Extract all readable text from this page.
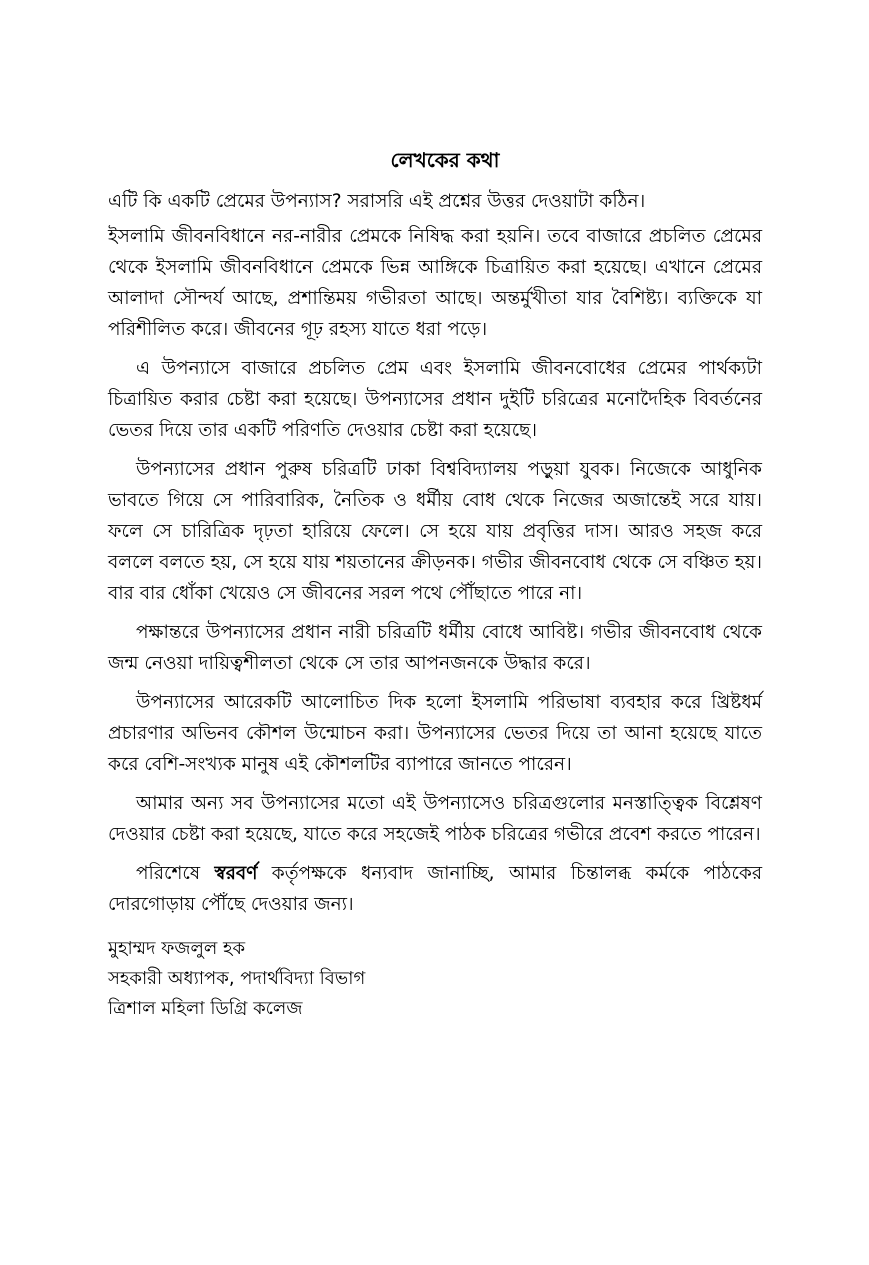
লেখকের কথা

এটি কি একটি প্রেমের উপন্যাস? সরাসরি এই প্রশ্নের উত্তর দেওয়াটা কঠিন।

ইসলামি জীবনবিধানে নর-নারীর প্রেমকে নিষিদ্ধ করা হয়নি। তবে বাজারে প্রচলিত প্রেমের থেকে ইসলামি জীবনবিধানে প্রেমকে ভিন্ন আঙ্গিকে চিত্রায়িত করা হয়েছে। এখানে প্রেমের আলাদা সৌন্দর্য আছে, প্রশান্তিময় গভীরতা আছে। অন্তর্মুখীতা যার বৈশিষ্ট্য। ব্যক্তিকে যা পরিশীলিত করে। জীবনের গূঢ় রহস্য যাতে ধরা পড়ে।

এ উপন্যাসে বাজারে প্রচলিত প্রেম এবং ইসলামি জীবনবোধের প্রেমের পার্থক্যটা চিত্রায়িত করার চেষ্টা করা হয়েছে। উপন্যাসের প্রধান দুইটি চরিত্রের মনোদৈহিক বিবর্তনের ভেতর দিয়ে তার একটি পরিণতি দেওয়ার চেষ্টা করা হয়েছে।

উপন্যাসের প্রধান পুরুষ চরিত্রটি ঢাকা বিশ্ববিদ্যালয় পড়ুয়া যুবক। নিজেকে আধুনিক ভাবতে গিয়ে সে পারিবারিক, নৈতিক ও ধর্মীয় বোধ থেকে নিজের অজান্তেই সরে যায়। ফলে সে চারিত্রিক দৃঢ়তা হারিয়ে ফেলে। সে হয়ে যায় প্রবৃত্তির দাস। আরও সহজ করে বললে বলতে হয়, সে হয়ে যায় শয়তানের ক্রীড়নক। গভীর জীবনবোধ থেকে সে বঞ্চিত হয়। বার বার ধোঁকা খেয়েও সে জীবনের সরল পথে পৌঁছাতে পারে না।

পক্ষান্তরে উপন্যাসের প্রধান নারী চরিত্রটি ধর্মীয় বোধে আবিষ্ট। গভীর জীবনবোধ থেকে জন্ম নেওয়া দায়িত্বশীলতা থেকে সে তার আপনজনকে উদ্ধার করে।

উপন্যাসের আরেকটি আলোচিত দিক হলো ইসলামি পরিভাষা ব্যবহার করে খ্রিষ্টধর্ম প্রচারণার অভিনব কৌশল উন্মোচন করা। উপন্যাসের ভেতর দিয়ে তা আনা হয়েছে যাতে করে বেশি-সংখ্যক মানুষ এই কৌশলটির ব্যাপারে জানতে পারেন।

আমার অন্য সব উপন্যাসের মতো এই উপন্যাসেও চরিত্রগুলোর মনস্তাত্ত্বিক বিশ্লেষণ দেওয়ার চেষ্টা করা হয়েছে, যাতে করে সহজেই পাঠক চরিত্রের গভীরে প্রবেশ করতে পারেন।

পরিশেষে স্বরবর্ণ কর্তৃপক্ষকে ধন্যবাদ জানাচ্ছি, আমার চিন্তালব্ধ কর্মকে পাঠকের দোরগোড়ায় পৌঁছে দেওয়ার জন্য।

মুহাম্মদ ফজলুল হক
সহকারী অধ্যাপক, পদার্থবিদ্যা বিভাগ
ত্রিশাল মহিলা ডিগ্রি কলেজ
